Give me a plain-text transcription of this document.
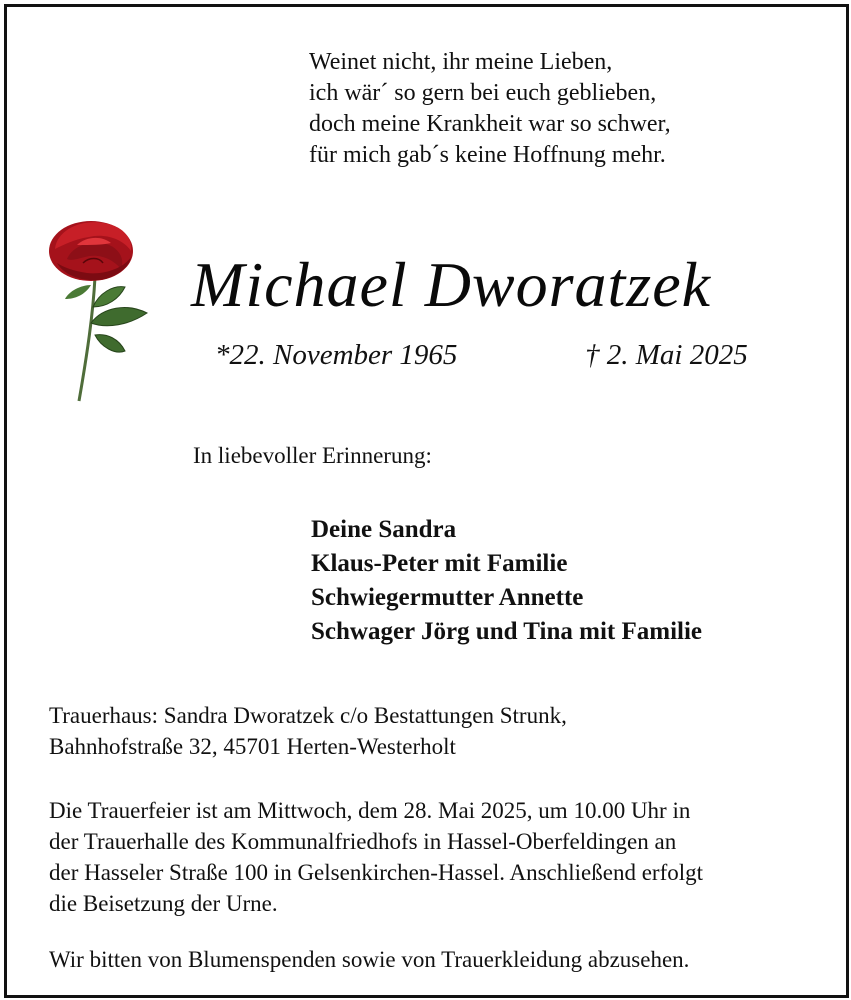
Weinet nicht, ihr meine Lieben,
ich wär´ so gern bei euch geblieben,
doch meine Krankheit war so schwer,
für mich gab´s keine Hoffnung mehr.
Michael Dworatzek
*22. November 1965	† 2. Mai 2025
In liebevoller Erinnerung:
Deine Sandra
Klaus-Peter mit Familie
Schwiegermutter Annette
Schwager Jörg und Tina mit Familie
Trauerhaus: Sandra Dworatzek c/o Bestattungen Strunk,
Bahnhofstraße 32, 45701 Herten-Westerholt
Die Trauerfeier ist am Mittwoch, dem 28. Mai 2025, um 10.00 Uhr in
der Trauerhalle des Kommunalfriedhofs in Hassel-Oberfeldingen an
der Hasseler Straße 100 in Gelsenkirchen-Hassel. Anschließend erfolgt
die Beisetzung der Urne.
Wir bitten von Blumenspenden sowie von Trauerkleidung abzusehen.
